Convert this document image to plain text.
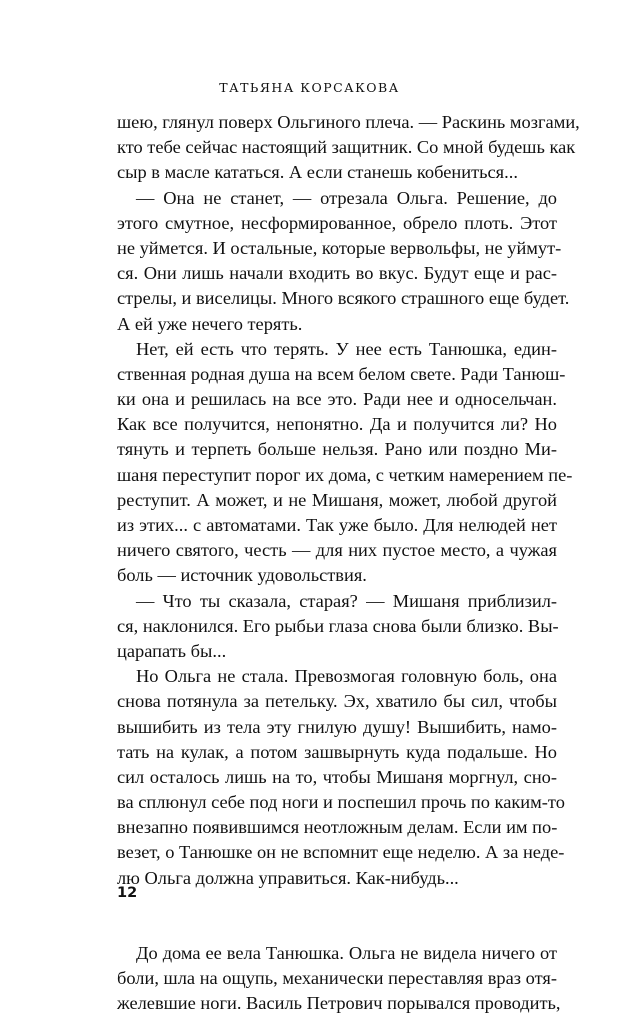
ТАТЬЯНА КОРСАКОВА
шею, глянул поверх Ольгиного плеча. — Раскинь мозгами,
кто тебе сейчас настоящий защитник. Со мной будешь как
сыр в масле кататься. А если станешь кобениться...
— Она не станет, — отрезала Ольга. Решение, до
этого смутное, несформированное, обрело плоть. Этот
не уймется. И остальные, которые вервольфы, не уймут-
ся. Они лишь начали входить во вкус. Будут еще и рас-
стрелы, и виселицы. Много всякого страшного еще будет.
А ей уже нечего терять.
Нет, ей есть что терять. У нее есть Танюшка, един-
ственная родная душа на всем белом свете. Ради Танюш-
ки она и решилась на все это. Ради нее и односельчан.
Как все получится, непонятно. Да и получится ли? Но
тянуть и терпеть больше нельзя. Рано или поздно Ми-
шаня переступит порог их дома, с четким намерением пе-
реступит. А может, и не Мишаня, может, любой другой
из этих... с автоматами. Так уже было. Для нелюдей нет
ничего святого, честь — для них пустое место, а чужая
боль — источник удовольствия.
— Что ты сказала, старая? — Мишаня приблизил-
ся, наклонился. Его рыбьи глаза снова были близко. Вы-
царапать бы...
Но Ольга не стала. Превозмогая головную боль, она
снова потянула за петельку. Эх, хватило бы сил, чтобы
вышибить из тела эту гнилую душу! Вышибить, намо-
тать на кулак, а потом зашвырнуть куда подальше. Но
сил осталось лишь на то, чтобы Мишаня моргнул, сно-
ва сплюнул себе под ноги и поспешил прочь по каким-то
внезапно появившимся неотложным делам. Если им по-
везет, о Танюшке он не вспомнит еще неделю. А за неде-
лю Ольга должна управиться. Как-нибудь...
До дома ее вела Танюшка. Ольга не видела ничего от
боли, шла на ощупь, механически переставляя враз отя-
желевшие ноги. Василь Петрович порывался проводить,
12
